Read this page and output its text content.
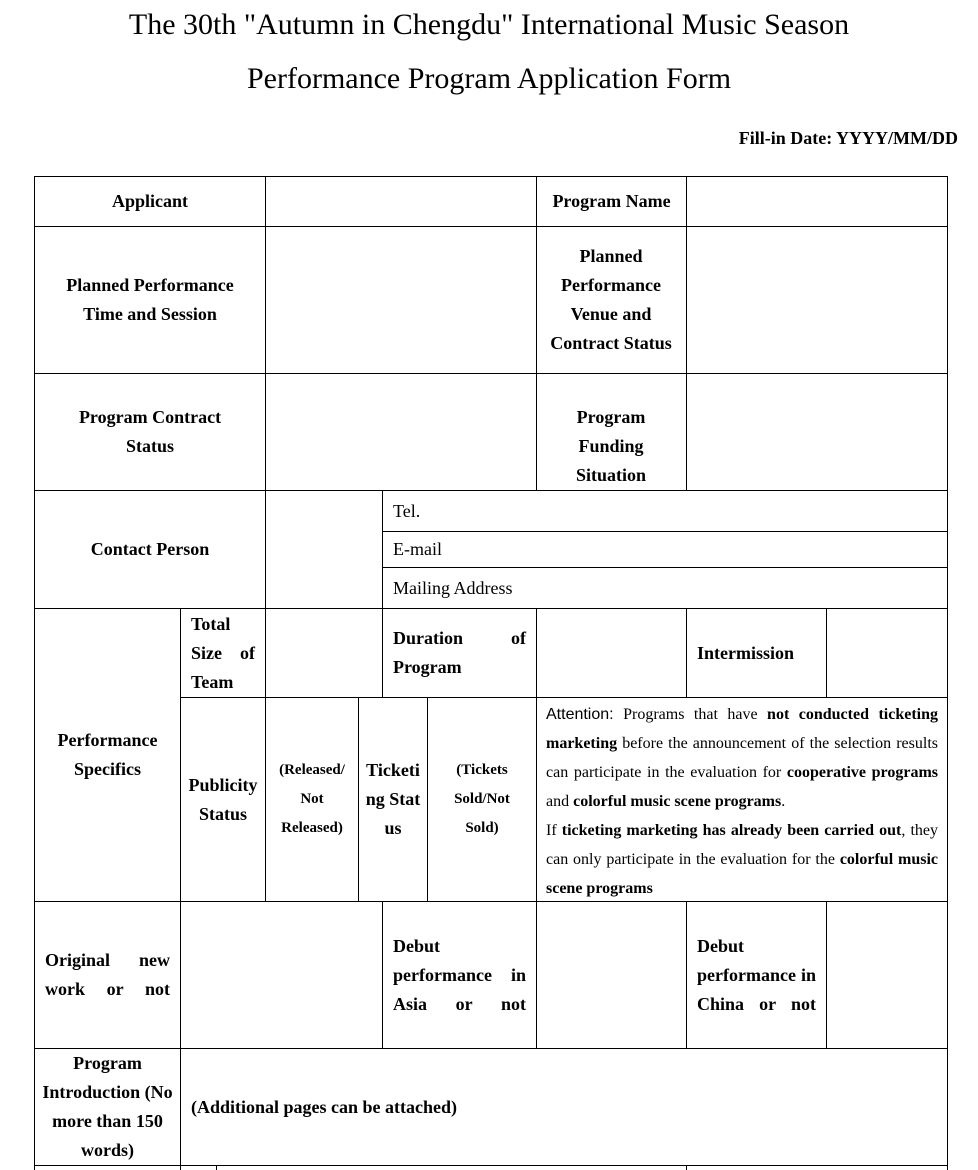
The 30th "Autumn in Chengdu" International Music Season
Performance Program Application Form
Fill-in Date: YYYY/MM/DD
Applicant	Program Name
Planned Performance Time and Session
Planned Performance Venue and Contract Status
Program Contract Status
Program Funding Situation
Contact Person
Tel.
E-mail
Mailing Address
Performance Specifics
Total Size of Team
Duration of Program
Intermission
Publicity Status
(Released/ Not Released)
Ticketing Status
(Tickets Sold/Not Sold)
Attention: Programs that have not conducted ticketing marketing before the announcement of the selection results can participate in the evaluation for cooperative programs and colorful music scene programs.
If ticketing marketing has already been carried out, they can only participate in the evaluation for the colorful music scene programs
Original new work or not
Debut performance in Asia or not
Debut performance in China or not
Program Introduction (No more than 150 words)
(Additional pages can be attached)
